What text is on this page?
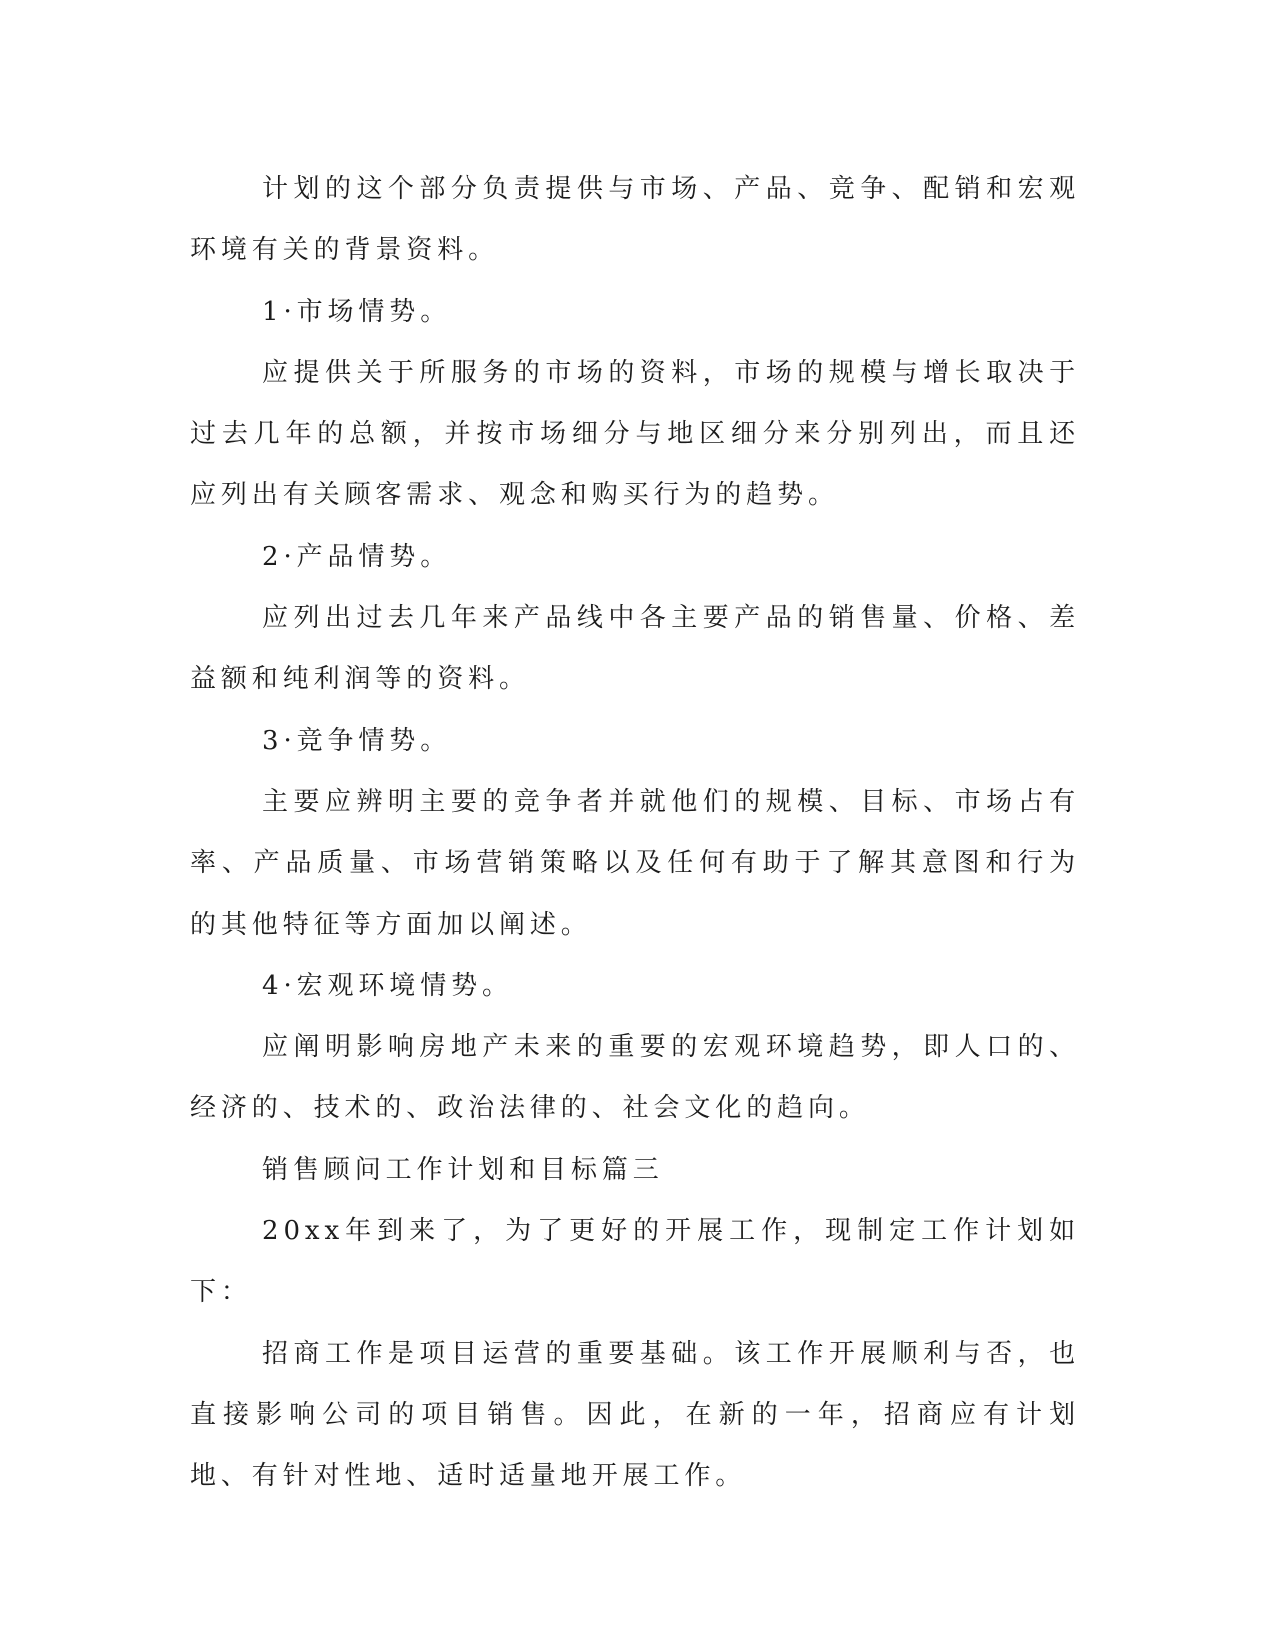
计划的这个部分负责提供与市场、产品、竞争、配销和宏观环境有关的背景资料。

1·市场情势。

应提供关于所服务的市场的资料，市场的规模与增长取决于过去几年的总额，并按市场细分与地区细分来分别列出，而且还应列出有关顾客需求、观念和购买行为的趋势。

2·产品情势。

应列出过去几年来产品线中各主要产品的销售量、价格、差益额和纯利润等的资料。

3·竞争情势。

主要应辨明主要的竞争者并就他们的规模、目标、市场占有率、产品质量、市场营销策略以及任何有助于了解其意图和行为的其他特征等方面加以阐述。

4·宏观环境情势。

应阐明影响房地产未来的重要的宏观环境趋势，即人口的、经济的、技术的、政治法律的、社会文化的趋向。

销售顾问工作计划和目标篇三

20xx年到来了，为了更好的开展工作，现制定工作计划如下：

招商工作是项目运营的重要基础。该工作开展顺利与否，也直接影响公司的项目销售。因此，在新的一年，招商应有计划地、有针对性地、适时适量地开展工作。
